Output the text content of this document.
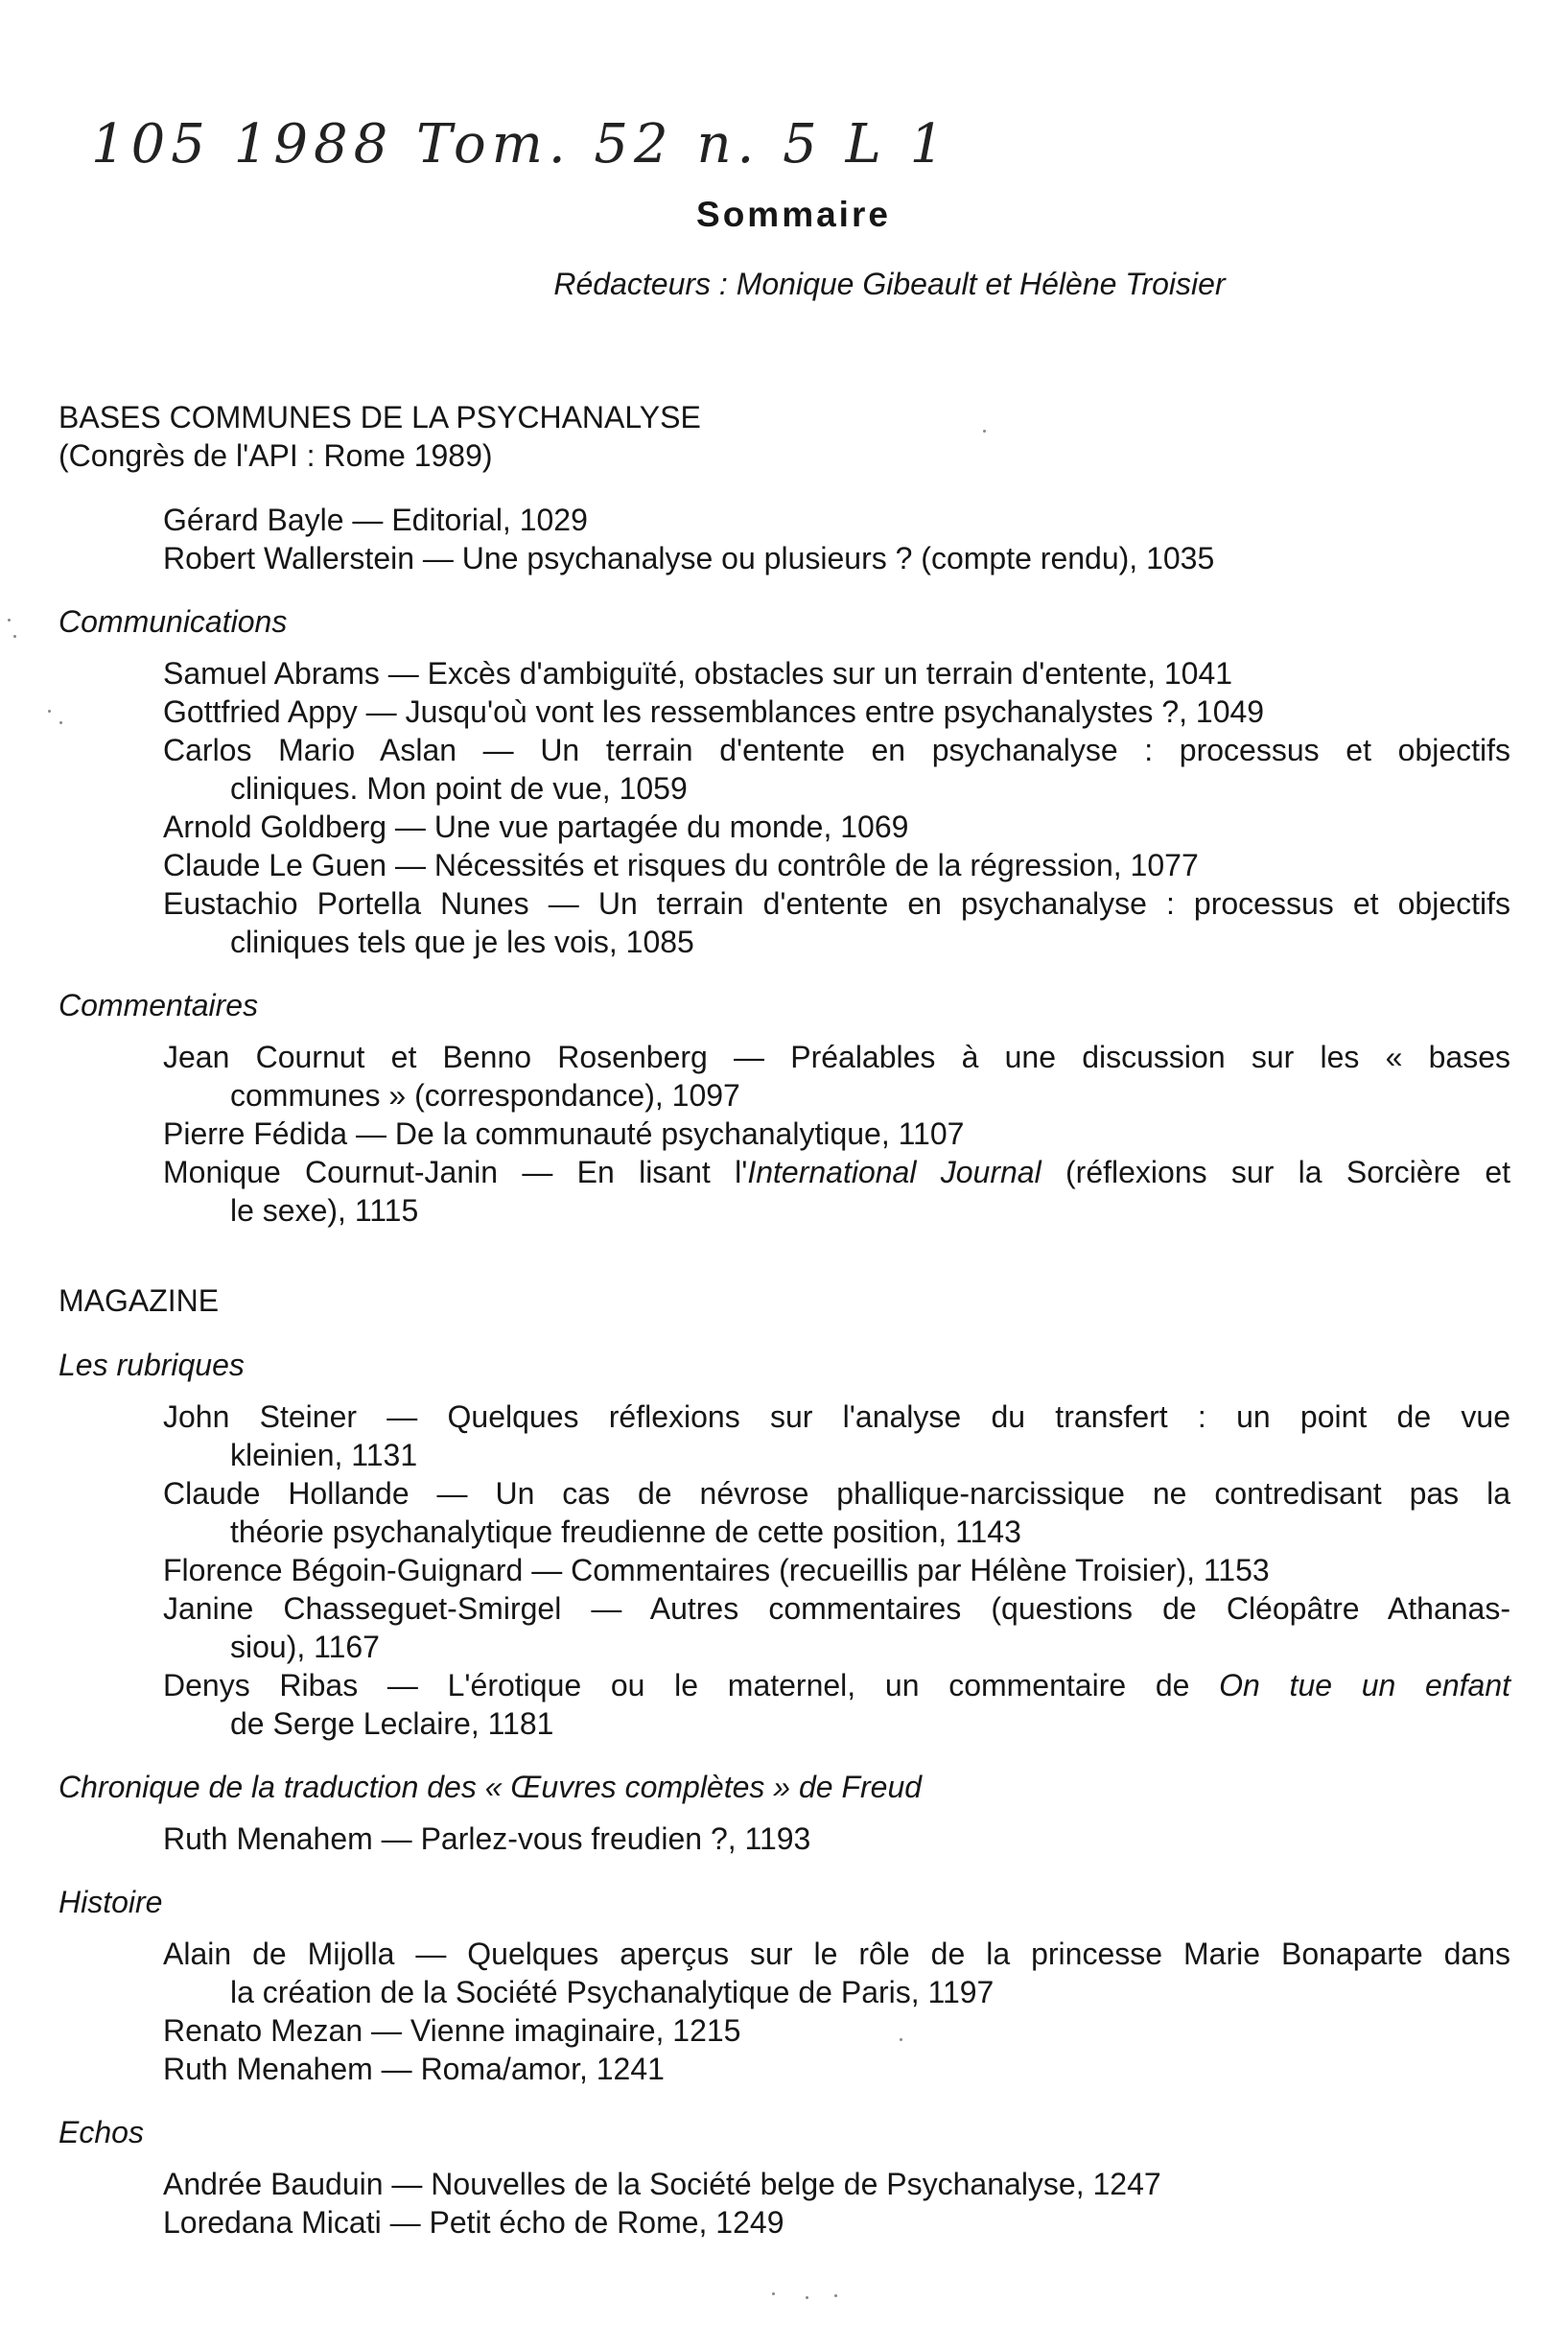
105 1988 Tom. 52 n. 5 L 1
Sommaire
Rédacteurs : Monique Gibeault et Hélène Troisier
BASES COMMUNES DE LA PSYCHANALYSE
(Congrès de l'API : Rome 1989)
Gérard Bayle — Editorial, 1029
Robert Wallerstein — Une psychanalyse ou plusieurs ? (compte rendu), 1035
Communications
Samuel Abrams — Excès d'ambiguïté, obstacles sur un terrain d'entente, 1041
Gottfried Appy — Jusqu'où vont les ressemblances entre psychanalystes ?, 1049
Carlos Mario Aslan — Un terrain d'entente en psychanalyse : processus et objectifs
cliniques. Mon point de vue, 1059
Arnold Goldberg — Une vue partagée du monde, 1069
Claude Le Guen — Nécessités et risques du contrôle de la régression, 1077
Eustachio Portella Nunes — Un terrain d'entente en psychanalyse : processus et objectifs
cliniques tels que je les vois, 1085
Commentaires
Jean Cournut et Benno Rosenberg — Préalables à une discussion sur les « bases
communes » (correspondance), 1097
Pierre Fédida — De la communauté psychanalytique, 1107
Monique Cournut-Janin — En lisant l'International Journal (réflexions sur la Sorcière et
le sexe), 1115
MAGAZINE
Les rubriques
John Steiner — Quelques réflexions sur l'analyse du transfert : un point de vue
kleinien, 1131
Claude Hollande — Un cas de névrose phallique-narcissique ne contredisant pas la
théorie psychanalytique freudienne de cette position, 1143
Florence Bégoin-Guignard — Commentaires (recueillis par Hélène Troisier), 1153
Janine Chasseguet-Smirgel — Autres commentaires (questions de Cléopâtre Athanas-
siou), 1167
Denys Ribas — L'érotique ou le maternel, un commentaire de On tue un enfant
de Serge Leclaire, 1181
Chronique de la traduction des « Œuvres complètes » de Freud
Ruth Menahem — Parlez-vous freudien ?, 1193
Histoire
Alain de Mijolla — Quelques aperçus sur le rôle de la princesse Marie Bonaparte dans
la création de la Société Psychanalytique de Paris, 1197
Renato Mezan — Vienne imaginaire, 1215
Ruth Menahem — Roma/amor, 1241
Echos
Andrée Bauduin — Nouvelles de la Société belge de Psychanalyse, 1247
Loredana Micati — Petit écho de Rome, 1249
